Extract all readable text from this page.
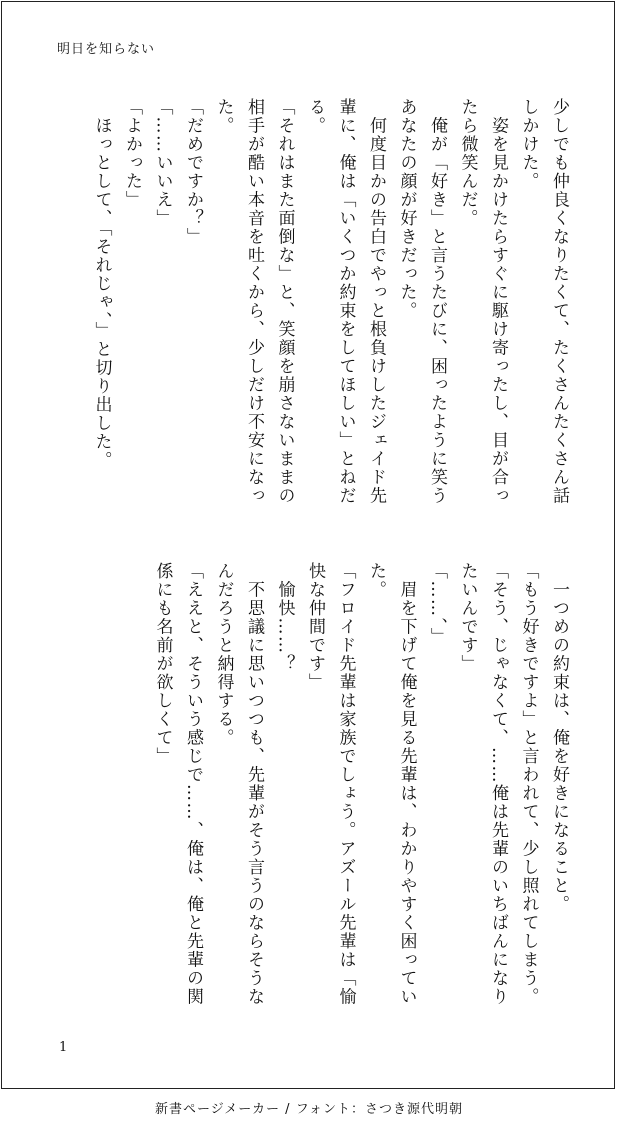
明日を知らない

少しでも仲良くなりたくて、たくさんたくさん話しかけた。

　姿を見かけたらすぐに駆け寄ったし、目が合ったら微笑んだ。

　俺が「好き」と言うたびに、困ったように笑うあなたの顔が好きだった。

　何度目かの告白でやっと根負けしたジェイド先輩に、俺は「いくつか約束をしてほしい」とねだる。

「それはまた面倒な」と、笑顔を崩さないままの相手が酷い本音を吐くから、少しだけ不安になった。

「だめですか？」

「……いいえ」

「よかった」

　ほっとして、「それじゃ、」と切り出した。

　一つめの約束は、俺を好きになること。

「もう好きですよ」と言われて、少し照れてしまう。

「そう、じゃなくて、……俺は先輩のいちばんになりたいんです」

「……、」

　眉を下げて俺を見る先輩は、わかりやすく困っていた。

「フロイド先輩は家族でしょう。アズール先輩は「愉快な仲間です」

　愉快……？

　不思議に思いつつも、先輩がそう言うのならそうなんだろうと納得する。

「ええと、そういう感じで……、俺は、俺と先輩の関係にも名前が欲しくて」

1
新書ページメーカー / フォント：さつき源代明朝
